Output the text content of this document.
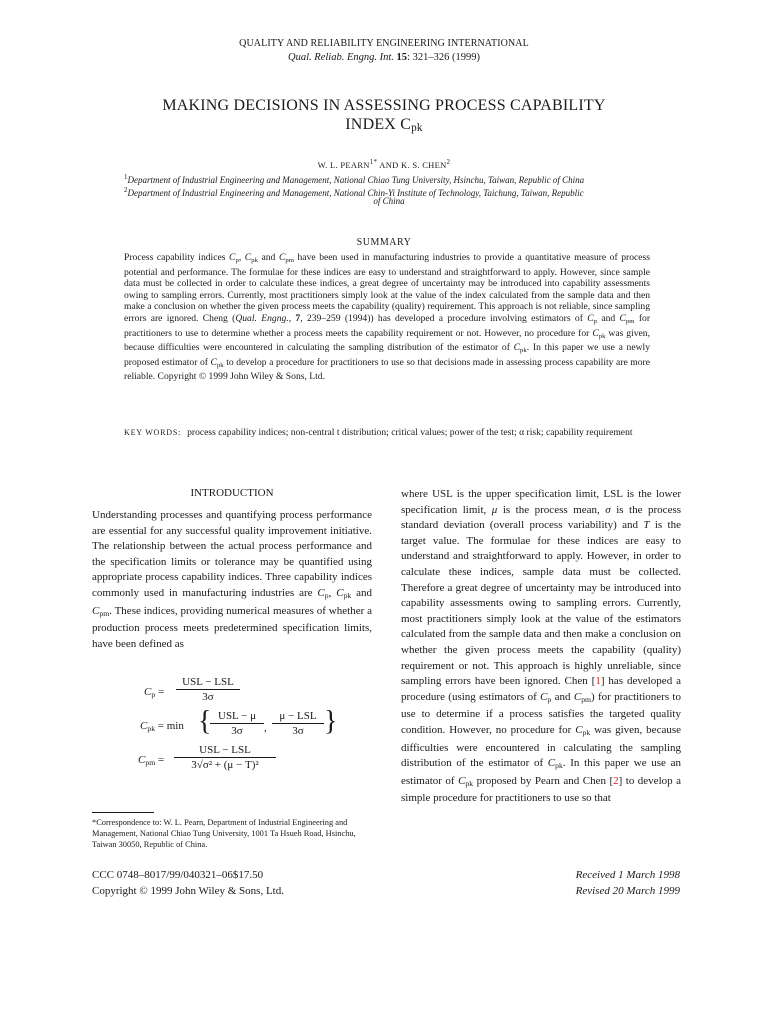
QUALITY AND RELIABILITY ENGINEERING INTERNATIONAL
Qual. Reliab. Engng. Int. 15: 321–326 (1999)
MAKING DECISIONS IN ASSESSING PROCESS CAPABILITY
INDEX $C_{pk}$
W. L. $PEARN^{1*}$ AND K. S. CHEN$^2$
$^1$Department of Industrial Engineering and Management, National Chiao Tung University, Hsinchu, Taiwan, Republic of China
$^2$Department of Industrial Engineering and Management, National Chin-Yi Institute of Technology, Taichung, Taiwan, Republic
of China
SUMMARY
Process capability indices $C_p$, $C_{pk}$ and $C_{pm}$ have been used in manufacturing industries to provide a quantitative measure of process potential and performance. The formulae for these indices are easy to understand and straightforward to apply. However, since sample data must be collected in order to calculate these indices, a great degree of uncertainty may be introduced into capability assessments owing to sampling errors. Currently, most practitioners simply look at the value of the index calculated from the sample data and then make a conclusion on whether the given process meets the capability (quality) requirement. This approach is not reliable, since sampling errors are ignored. Cheng (Qual. Engng., 7, 239–259 (1994)) has developed a procedure involving estimators of $C_p$ and $C_{pm}$ for practitioners to use to determine whether a process meets the capability requirement or not. However, no procedure for $C_{pk}$ was given, because difficulties were encountered in calculating the sampling distribution of the estimator of $C_{pk}$. In this paper we use a newly proposed estimator of $C_{pk}$ to develop a procedure for practitioners to use so that decisions made in assessing process capability are more reliable. Copyright © 1999 John Wiley & Sons, Ltd.
KEY WORDS: process capability indices; non-central t distribution; critical values; power of the test; α risk; capability requirement
INTRODUCTION
Understanding processes and quantifying process performance are essential for any successful quality improvement initiative. The relationship between the actual process performance and the specification limits or tolerance may be quantified using appropriate process capability indices. Three capability indices commonly used in manufacturing industries are $C_p$, $C_{pk}$ and $C_{pm}$. These indices, providing numerical measures of whether a production process meets predetermined specification limits, have been defined as
$C_p$ =
USL − LSL
3σ
$C_{pk} = \min$ { USL − μ
3σ	,
μ − LSL
3σ }
$C_{pm}$ =
USL − LSL
3√σ² + (μ − T)²
*Correspondence to: W. L. Pearn, Department of Industrial Engineering and Management, National Chiao Tung University, 1001 Ta Hsueh Road, Hsinchu, Taiwan 30050, Republic of China.
where USL is the upper specification limit, LSL is the lower specification limit, μ is the process mean, σ is the process standard deviation (overall process variability) and T is the target value. The formulae for these indices are easy to understand and straightforward to apply. However, in order to calculate these indices, sample data must be collected. Therefore a great degree of uncertainty may be introduced into capability assessments owing to sampling errors. Currently, most practitioners simply look at the value of the estimators calculated from the sample data and then make a conclusion on whether the given process meets the capability (quality) requirement or not. This approach is highly unreliable, since sampling errors have been ignored. Chen [1] has developed a procedure (using estimators of $C_p$ and $C_{pm}$) for practitioners to use to determine if a process satisfies the targeted quality condition. However, no procedure for $C_{pk}$ was given, because difficulties were encountered in calculating the sampling distribution of the estimator of $C_{pk}$. In this paper we use an estimator of $C_{pk}$ proposed by Pearn and Chen [2] to develop a simple procedure for practitioners to use so that
CCC 0748–8017/99/040321–06$17.50
Copyright © 1999 John Wiley & Sons, Ltd.
Received 1 March 1998
Revised 20 March 1999
